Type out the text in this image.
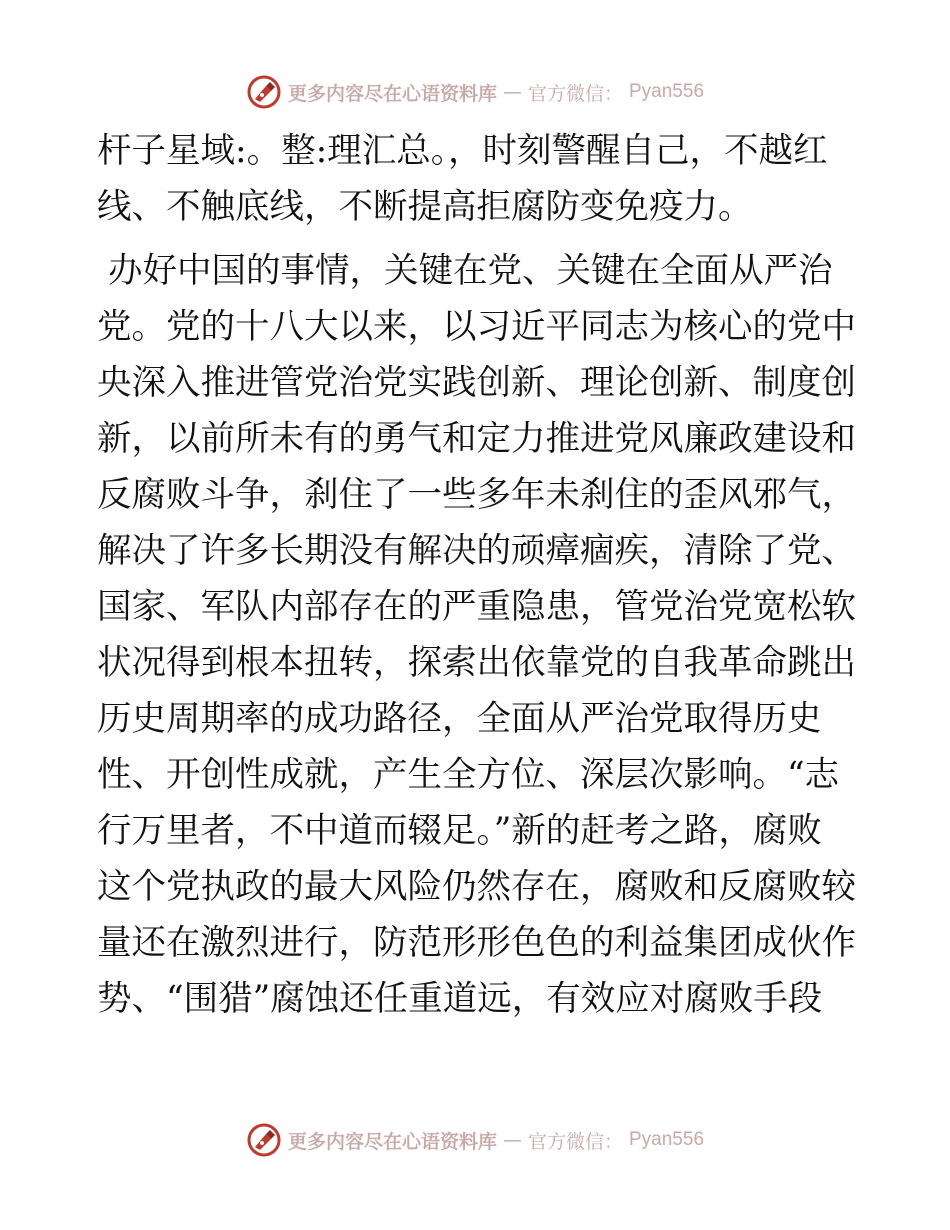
更多内容尽在心语资料库 — 官方微信： Pyan556
杆子星域:。整:理汇总。，时刻警醒自己，不越红
线、不触底线，不断提高拒腐防变免疫力。
办好中国的事情，关键在党、关键在全面从严治
党。党的十八大以来，以习近平同志为核心的党中
央深入推进管党治党实践创新、理论创新、制度创
新，以前所未有的勇气和定力推进党风廉政建设和
反腐败斗争，刹住了一些多年未刹住的歪风邪气，
解决了许多长期没有解决的顽瘴痼疾，清除了党、
国家、军队内部存在的严重隐患，管党治党宽松软
状况得到根本扭转，探索出依靠党的自我革命跳出
历史周期率的成功路径，全面从严治党取得历史
性、开创性成就，产生全方位、深层次影响。“志
行万里者，不中道而辍足。”新的赶考之路，腐败
这个党执政的最大风险仍然存在，腐败和反腐败较
量还在激烈进行，防范形形色色的利益集团成伙作
势、“围猎”腐蚀还任重道远，有效应对腐败手段
更多内容尽在心语资料库 — 官方微信： Pyan556
